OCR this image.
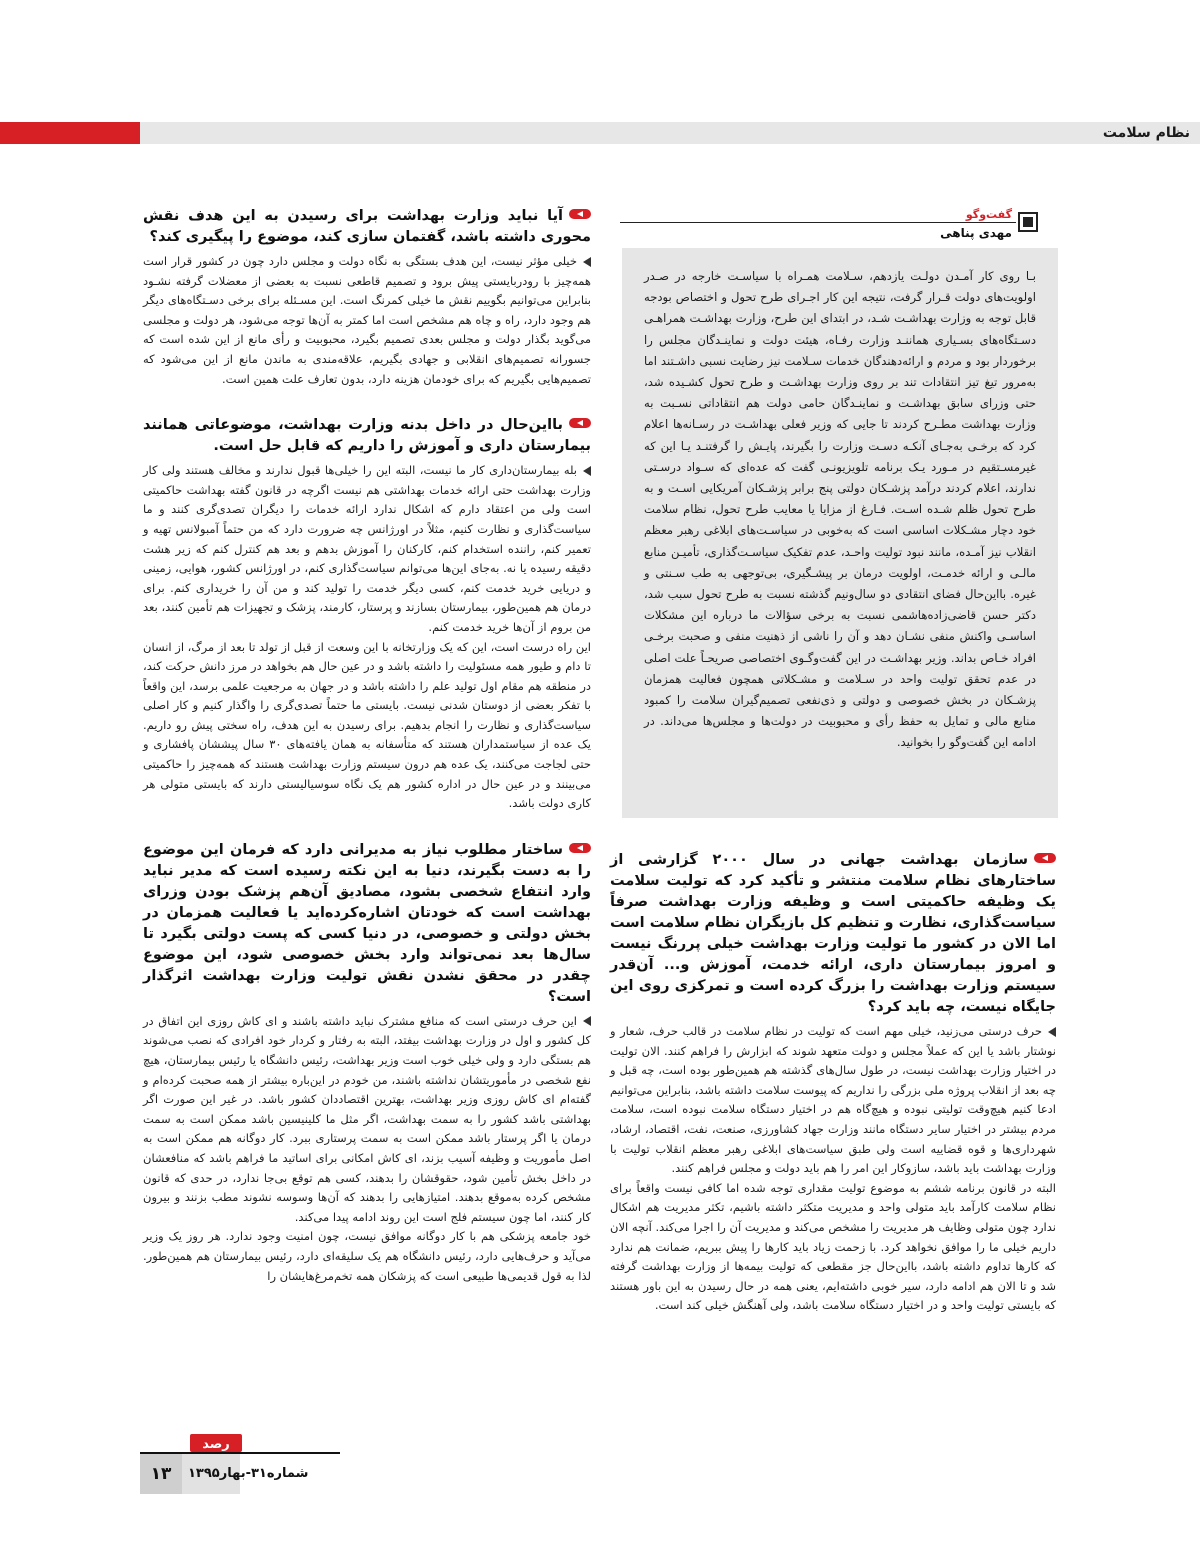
نظام سلامت
گفت‌وگو
مهدی پناهی

بـا روی کار آمـدن دولـت یازدهم، سـلامت همـراه با سیاسـت خارجه در صـدر اولویت‌های دولت قـرار گرفت، نتیجه این کار اجـرای طرح تحول و اختصاص بودجه قابل توجه به وزارت بهداشـت شـد، در ابتدای این طرح، وزارت بهداشـت همراهـی دسـتگاه‌های بسـیاری هماننـد وزارت رفـاه، هیئت دولت و نماینـدگان مجلس را برخوردار بود و مردم و ارائه‌دهندگان خدمات سـلامت نیز رضایت نسبی داشـتند اما به‌مرور تیغ تیز انتقادات تند بر روی وزارت بهداشـت و طرح تحول کشـیده شد، حتی وزرای سابق بهداشـت و نماینـدگان حامی دولت هم انتقاداتی نسـبت به وزارت بهداشت مطـرح کردند تا جایی که وزیر فعلی بهداشـت در رسـانه‌ها اعلام کرد که برخـی به‌جـای آنکـه دسـت وزارت را بگیرند، پایـش را گرفتنـد یـا این که غیرمسـتقیم در مـورد یـک برنامه تلویزیونـی گفت که عده‌ای که سـواد درسـتی ندارند، اعلام کردند درآمد پزشـکان دولتی پنج برابر پزشـکان آمریکایی اسـت و به طرح تحول ظلم شـده اسـت. فـارغ از مزایا یا معایب طرح تحول، نظام سلامت خود دچار مشـکلات اساسی است که به‌خوبی در سیاسـت‌های ابلاغی رهبر معظم انقلاب نیز آمـده، مانند نبود تولیت واحـد، عدم تفکیک سیاسـت‌گذاری، تأمیـن منابع مالـی و ارائه خدمـت، اولویت درمان بر پیشـگیری، بی‌توجهی به طب سـنتی و غیره. بااین‌حال فضای انتقادی دو سال‌ونیم گذشته نسبت به طرح تحول سبب شد، دکتر حسن قاضی‌زاده‌هاشمی نسبت به برخی سؤالات ما درباره این مشکلات اساسـی واکنش منفی نشـان دهد و آن را ناشی از ذهنیت منفی و صحبت برخـی افراد خـاص بداند. وزیر بهداشـت در این گفت‌وگـوی اختصاصی صریحـاً علت اصلی در عدم تحقق تولیت واحد در سـلامت و مشـکلاتی همچون فعالیت همزمان پزشـکان در بخش خصوصی و دولتی و ذی‌نفعی تصمیم‌گیران سلامت را کمبود منابع مالی و تمایل به حفظ رأی و محبوبیت در دولت‌ها و مجلس‌ها می‌داند. در ادامه این گفت‌وگو را بخوانید.

سازمان بهداشت جهانی در سال ۲۰۰۰ گزارشی از ساختارهای نظام سلامت منتشر و تأکید کرد که تولیت سلامت یک وظیفه حاکمیتی است و وظیفه وزارت بهداشت صرفاً سیاست‌گذاری، نظارت و تنظیم کل بازیگران نظام سلامت است اما الان در کشور ما تولیت وزارت بهداشت خیلی پررنگ نیست و امروز بیمارستان داری، ارائه خدمت، آموزش و... آن‌قدر سیستم وزارت بهداشت را بزرگ کرده است و تمرکزی روی این جایگاه نیست، چه باید کرد؟

حرف درستی می‌زنید، خیلی مهم است که تولیت در نظام سلامت در قالب حرف، شعار و نوشتار باشد یا این که عملاً مجلس و دولت متعهد شوند که ابزارش را فراهم کنند. الان تولیت در اختیار وزارت بهداشت نیست، در طول سال‌های گذشته هم همین‌طور بوده است، چه قبل و چه بعد از انقلاب پروژه ملی بزرگی را نداریم که پیوست سلامت داشته باشد، بنابراین می‌توانیم ادعا کنیم هیچ‌وقت تولیتی نبوده و هیچ‌گاه هم در اختیار دستگاه سلامت نبوده است، سلامت مردم بیشتر در اختیار سایر دستگاه مانند وزارت جهاد کشاورزی، صنعت، نفت، اقتصاد، ارشاد، شهرداری‌ها و قوه قضاییه است ولی طبق سیاست‌های ابلاغی رهبر معظم انقلاب تولیت با وزارت بهداشت باید باشد، سازوکار این امر را هم باید دولت و مجلس فراهم کنند.

البته در قانون برنامه ششم به موضوع تولیت مقداری توجه شده اما کافی نیست واقعاً برای نظام سلامت کارآمد باید متولی واحد و مدیریت متکثر داشته باشیم، تکثر مدیریت هم اشکال ندارد چون متولی وظایف هر مدیریت را مشخص می‌کند و مدیریت آن را اجرا می‌کند. آنچه الان داریم خیلی ما را موافق نخواهد کرد. با زحمت زیاد باید کارها را پیش ببریم، ضمانت هم ندارد که کارها تداوم داشته باشد، بااین‌حال جز مقطعی که تولیت بیمه‌ها از وزارت بهداشت گرفته شد و تا الان هم ادامه دارد، سیر خوبی داشته‌ایم، یعنی همه در حال رسیدن به این باور هستند که بایستی تولیت واحد و در اختیار دستگاه سلامت باشد، ولی آهنگش خیلی کند است.

آیا نباید وزارت بهداشت برای رسیدن به این هدف نقش محوری داشته باشد، گفتمان سازی کند، موضوع را پیگیری کند؟

خیلی مؤثر نیست، این هدف بستگی به نگاه دولت و مجلس دارد چون در کشور قرار است همه‌چیز با رودربایستی پیش برود و تصمیم قاطعی نسبت به بعضی از معضلات گرفته نشـود بنابراین می‌توانیم بگوییم نقش ما خیلی کمرنگ است. این مسـئله برای برخی دسـتگاه‌های دیگر هم وجود دارد، راه و چاه هم مشخص است اما کمتر به آن‌ها توجه می‌شود، هر دولت و مجلسی می‌گوید بگذار دولت و مجلس بعدی تصمیم بگیرد، محبوبیت و رأی مانع از این شده است که جسورانه تصمیم‌های انقلابی و جهادی بگیریم، علاقه‌مندی به ماندن مانع از این می‌شود که تصمیم‌هایی بگیریم که برای خودمان هزینه دارد، بدون تعارف علت همین است.

بااین‌حال در داخل بدنه وزارت بهداشت، موضوعاتی همانند بیمارستان داری و آموزش را داریم که قابل حل است.

بله بیمارستان‌داری کار ما نیست، البته این را خیلی‌ها قبول ندارند و مخالف هستند ولی کار وزارت بهداشت حتی ارائه خدمات بهداشتی هم نیست اگرچه در قانون گفته بهداشت حاکمیتی است ولی من اعتقاد دارم که اشکال ندارد ارائه خدمات را دیگران تصدی‌گری کنند و ما سیاست‌گذاری و نظارت کنیم، مثلاً در اورژانس چه ضرورت دارد که من حتماً آمبولانس تهیه و تعمیر کنم، راننده استخدام کنم، کارکنان را آموزش بدهم و بعد هم کنترل کنم که زیر هشت دقیقه رسیده یا نه. به‌جای این‌ها می‌توانم سیاست‌گذاری کنم، در اورژانس کشور، هوایی، زمینی و دریایی خرید خدمت کنم، کسی دیگر خدمت را تولید کند و من آن را خریداری کنم. برای درمان هم همین‌طور، بیمارستان بسازند و پرستار، کارمند، پزشک و تجهیزات هم تأمین کنند، بعد من بروم از آن‌ها خرید خدمت کنم.

این راه درست است، این که یک وزارتخانه با این وسعت از قبل از تولد تا بعد از مرگ، از انسان تا دام و طیور همه مسئولیت را داشته باشد و در عین حال هم بخواهد در مرز دانش حرکت کند، در منطقه هم مقام اول تولید علم را داشته باشد و در جهان به مرجعیت علمی برسد، این واقعاً با تفکر بعضی از دوستان شدنی نیست. بایستی ما حتماً تصدی‌گری را واگذار کنیم و کار اصلی سیاست‌گذاری و نظارت را انجام بدهیم. برای رسیدن به این هدف، راه سختی پیش رو داریم. یک عده از سیاستمداران هستند که متأسفانه به همان یافته‌های ۳۰ سال پیششان پافشاری و حتی لجاجت می‌کنند، یک عده هم درون سیستم وزارت بهداشت هستند که همه‌چیز را حاکمیتی می‌بینند و در عین حال در اداره کشور هم یک نگاه سوسیالیستی دارند که بایستی متولی هر کاری دولت باشد.

ساختار مطلوب نیاز به مدیرانی دارد که فرمان این موضوع را به دست بگیرند، دنیا به این نکته رسیده است که مدیر نباید وارد انتفاع شخصی بشود، مصادیق آن‌هم پزشک بودن وزرای بهداشت است که خودتان اشاره‌کرده‌اید یا فعالیت همزمان در بخش دولتی و خصوصی، در دنیا کسی که پست دولتی بگیرد تا سال‌ها بعد نمی‌تواند وارد بخش خصوصی شود، این موضوع چقدر در محقق نشدن نقش تولیت وزارت بهداشت اثرگذار است؟

این حرف درستی است که منافع مشترک نباید داشته باشند و ای کاش روزی این اتفاق در کل کشور و اول در وزارت بهداشت بیفتد، البته به رفتار و کردار خود افرادی که نصب می‌شوند هم بستگی دارد و ولی خیلی خوب است وزیر بهداشت، رئیس دانشگاه یا رئیس بیمارستان، هیچ نفع شخصی در مأموریتشان نداشته باشند، من خودم در این‌باره بیشتر از همه صحبت کرده‌ام و گفته‌ام ای کاش روزی وزیر بهداشت، بهترین اقتصاددان کشور باشد. در غیر این صورت اگر بهداشتی باشد کشور را به سمت بهداشت، اگر مثل ما کلینیسین باشد ممکن است به سمت درمان یا اگر پرستار باشد ممکن است به سمت پرستاری ببرد. کار دوگانه هم ممکن است به اصل مأموریت و وظیفه آسیب بزند، ای کاش امکانی برای اساتید ما فراهم باشد که منافعشان در داخل بخش تأمین شود، حقوقشان را بدهند، کسی هم توقع بی‌جا ندارد، در حدی که قانون مشخص کرده به‌موقع بدهند. امتیازهایی را بدهند که آن‌ها وسوسه نشوند مطب بزنند و بیرون کار کنند، اما چون سیستم فلج است این روند ادامه پیدا می‌کند.

خود جامعه پزشکی هم با کار دوگانه موافق نیست، چون امنیت وجود ندارد. هر روز یک وزیر می‌آید و حرف‌هایی دارد، رئیس دانشگاه هم یک سلیقه‌ای دارد، رئیس بیمارستان هم همین‌طور. لذا به قول قدیمی‌ها طبیعی است که پزشکان همه تخم‌مرغ‌هایشان را

رصد
۱۳	شماره۳۱-بهار۱۳۹۵
